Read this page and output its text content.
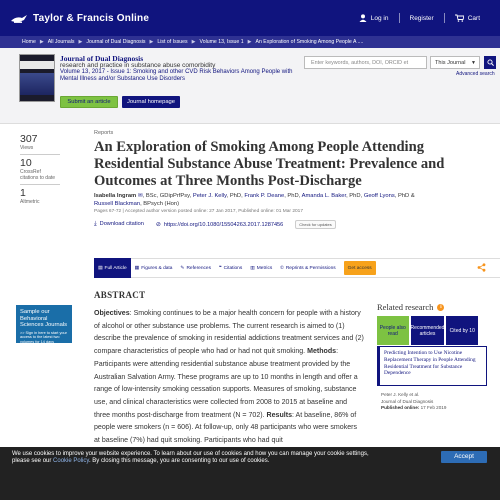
Taylor & Francis Online	Log in	Register	Cart
Home ▶ All Journals ▶ Journal of Dual Diagnosis ▶ List of Issues ▶ Volume 13, Issue 1 ▶ An Exploration of Smoking Among People A ....
Journal of Dual Diagnosis
research and practice in substance abuse comorbidity
Volume 13, 2017 - Issue 1: Smoking and other CVD Risk Behaviors Among People with Mental Illness and/or Substance Use Disorders
Submit an article	Journal homepage
Enter keywords, authors, DOI, ORCID et	This Journal ▼
Advanced search
307
Views
10
CrossRef citations to date
1
Altmetric
Reports
An Exploration of Smoking Among People Attending Residential Substance Abuse Treatment: Prevalence and Outcomes at Three Months Post-Discharge
Isabella Ingram ✉, BSc, GDipPrfPsy, Peter J. Kelly, PhD, Frank P. Deane, PhD, Amanda L. Baker, PhD, Geoff Lyons, PhD & Russell Blackman, BPsych (Hon)
Pages 67-72 | Accepted author version posted online: 27 Jan 2017, Published online: 01 Mar 2017
⤓ Download citation ⊘ https://doi.org/10.1080/15504263.2017.1287456	Check for updates
▤ Full Article ▦ Figures & data ✎ References ❝ Citations ▥ Metrics © Reprints & Permissions	Get access
Sample our Behavioral Sciences Journals
>> Sign in here to start your access to the latest two volumes for 14 days
ABSTRACT
Objectives: Smoking continues to be a major health concern for people with a history of alcohol or other substance use problems. The current research is aimed to (1) describe the prevalence of smoking in residential addictions treatment services and (2) compare characteristics of people who had or had not quit smoking. Methods: Participants were attending residential substance abuse treatment provided by the Australian Salvation Army. These programs are up to 10 months in length and offer a range of low-intensity smoking cessation supports. Measures of smoking, substance use, and clinical characteristics were collected from 2008 to 2015 at baseline and three months post-discharge from treatment (N = 702). Results: At baseline, 86% of people were smokers (n = 606). At follow-up, only 48 participants who were smokers at baseline (7%) had quit smoking. Participants who had quit
Related research	i
People also read
Recommended articles	Cited by 10
Predicting Intention to Use Nicotine Replacement Therapy in People Attending Residential Treatment for Substance Dependence
Peter J. Kelly et al.
Journal of Dual Diagnosis
Published online: 17 Feb 2019
We use cookies to improve your website experience. To learn about our use of cookies and how you can manage your cookie settings,
please see our Cookie Policy. By closing this message, you are consenting to our use of cookies.
Accept
